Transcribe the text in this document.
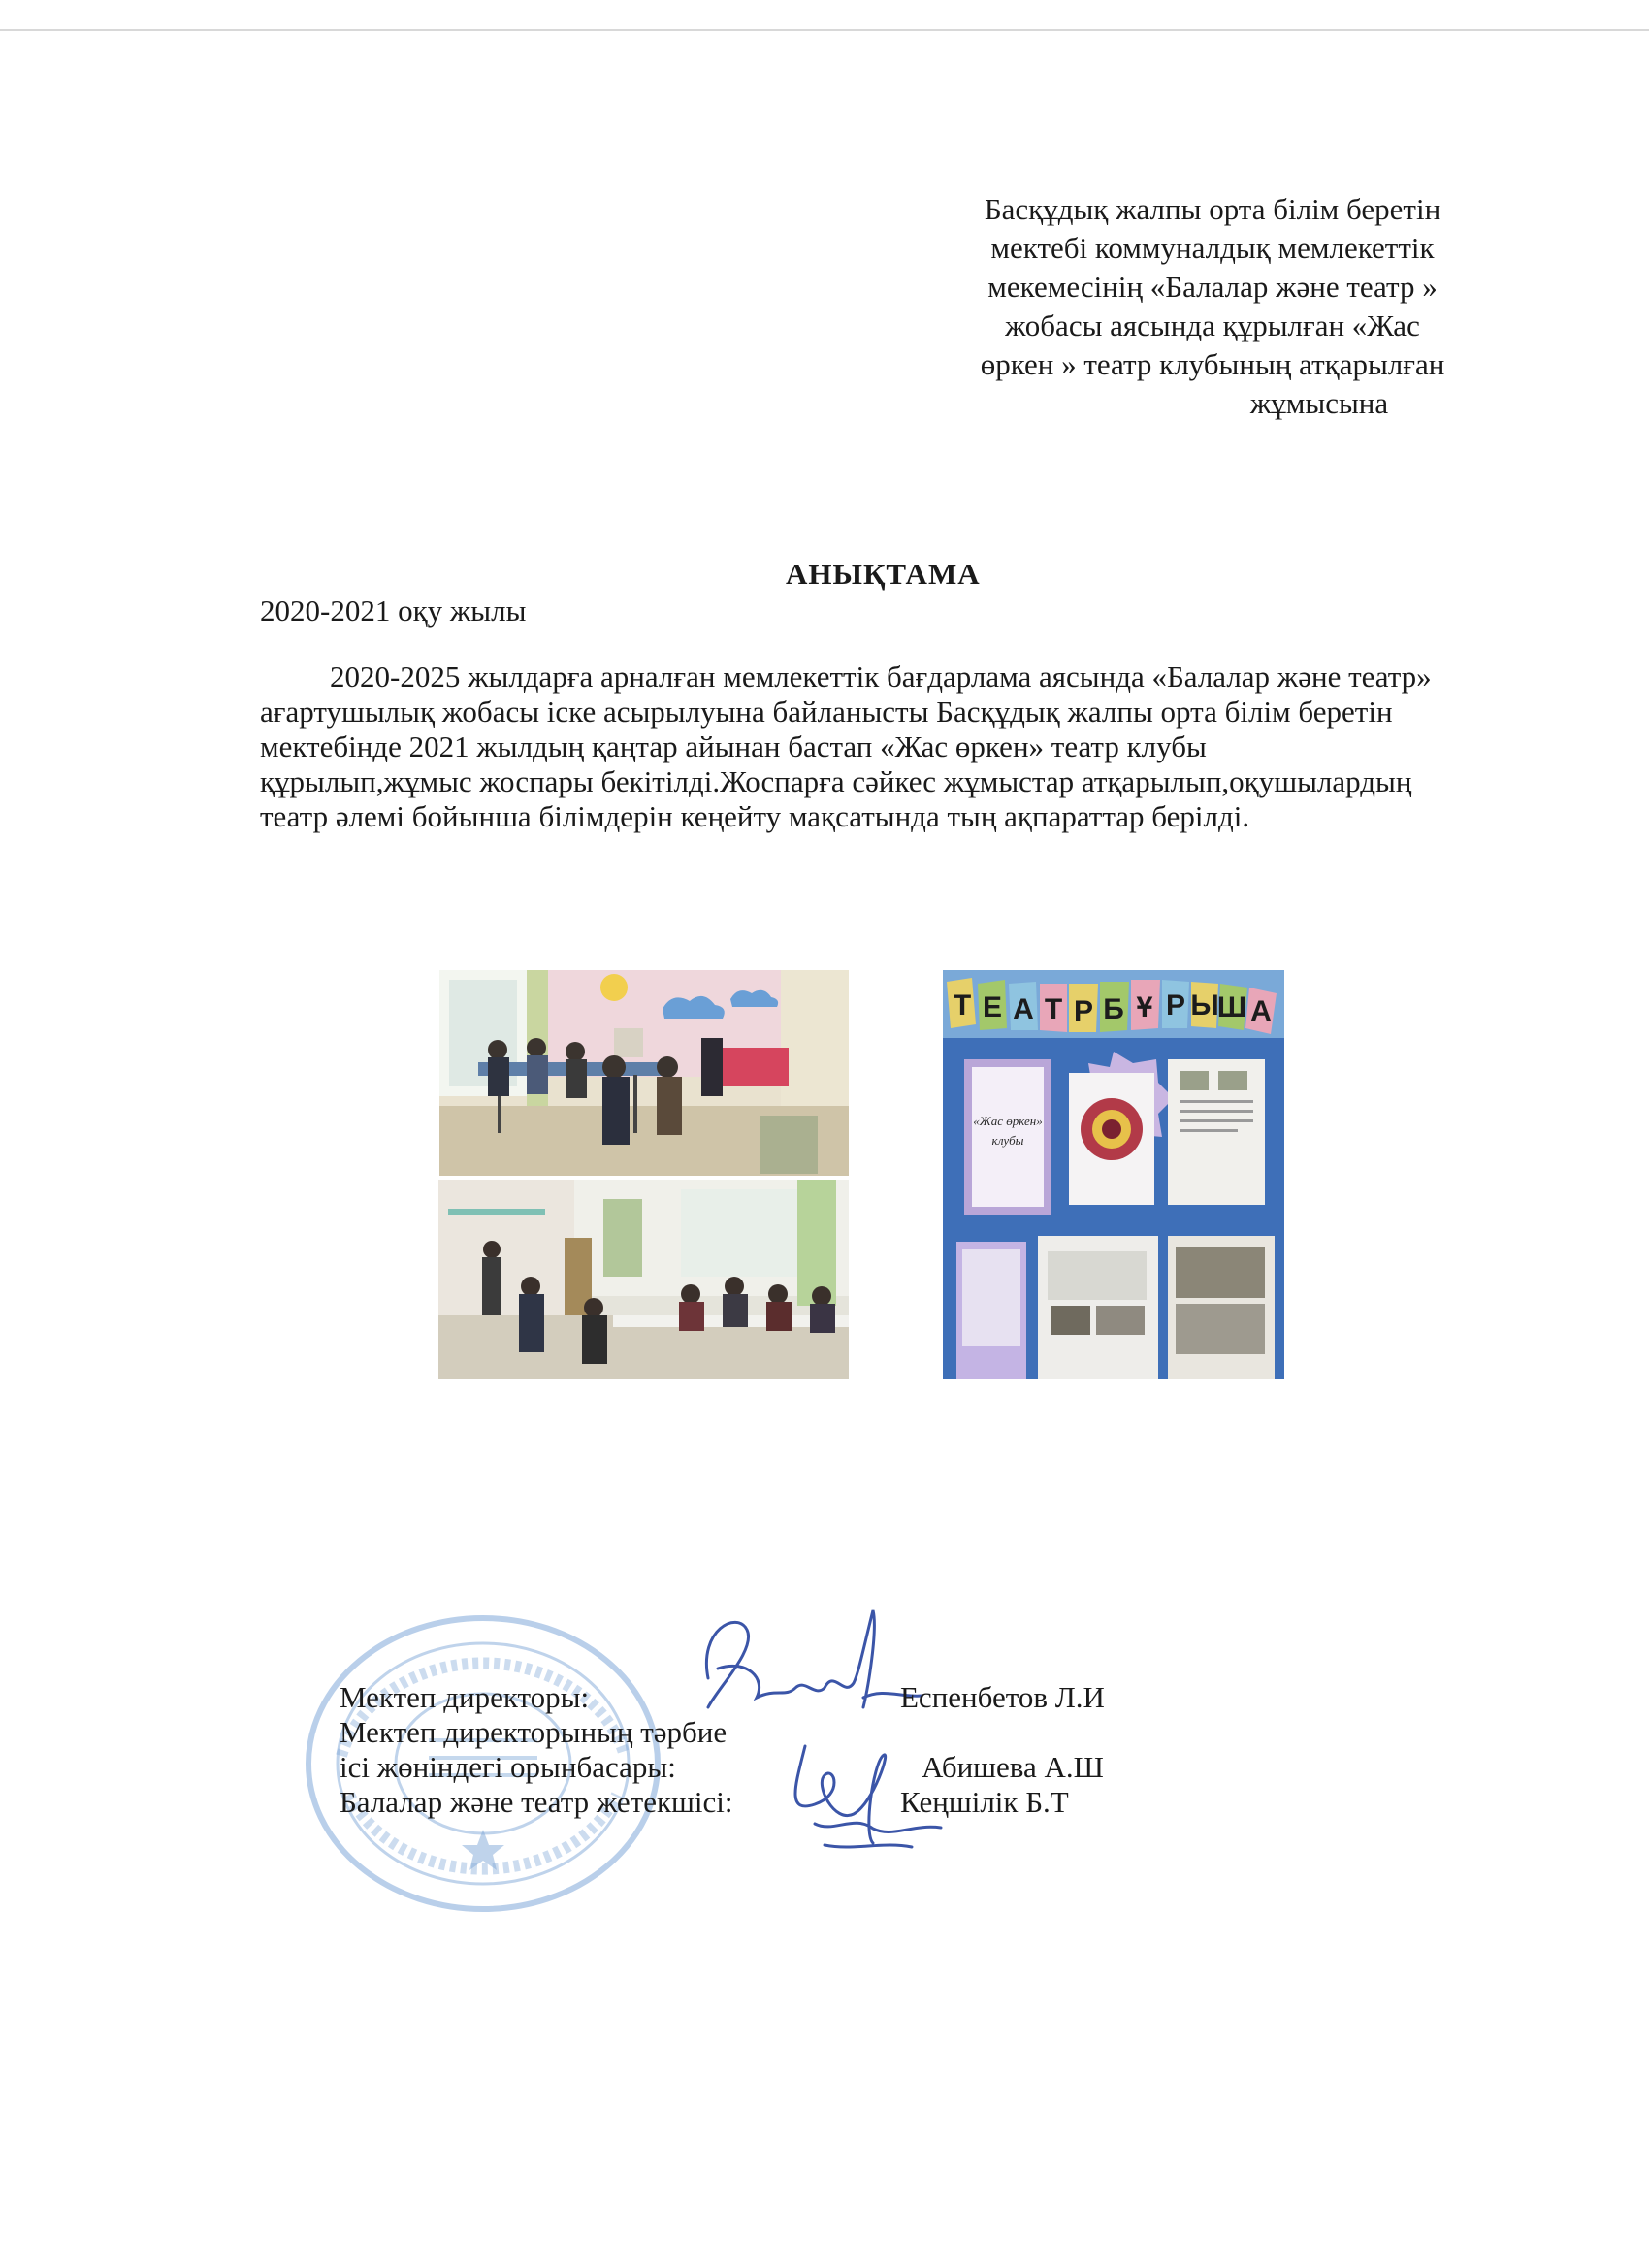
Басқұдық жалпы орта білім беретін
мектебі коммуналдық мемлекеттік
мекемесінің «Балалар және театр »
жобасы аясында құрылған «Жас
өркен » театр клубының атқарылған
жұмысына
АНЫҚТАМА
2020-2021 оқу жылы
2020-2025 жылдарға арналған мемлекеттік бағдарлама аясында «Балалар және театр»
ағартушылық жобасы іске асырылуына байланысты Басқұдық жалпы орта білім беретін
мектебінде 2021 жылдың қаңтар айынан бастап «Жас өркен» театр клубы
құрылып,жұмыс жоспары бекітілді.Жоспарға сәйкес жұмыстар атқарылып,оқушылардың
театр әлемі бойынша білімдерін кеңейту мақсатында тың ақпараттар берілді.
Т Е А Т Р Б Ұ Р Ы
Ш А
«Жас өркен»
клубы
Мектеп директоры:	Еспенбетов Л.И
Мектеп директорының тәрбие
ісі жөніндегі орынбасары:	Абишева А.Ш
Балалар және театр жетекшісі:	Кеңшілік Б.Т
